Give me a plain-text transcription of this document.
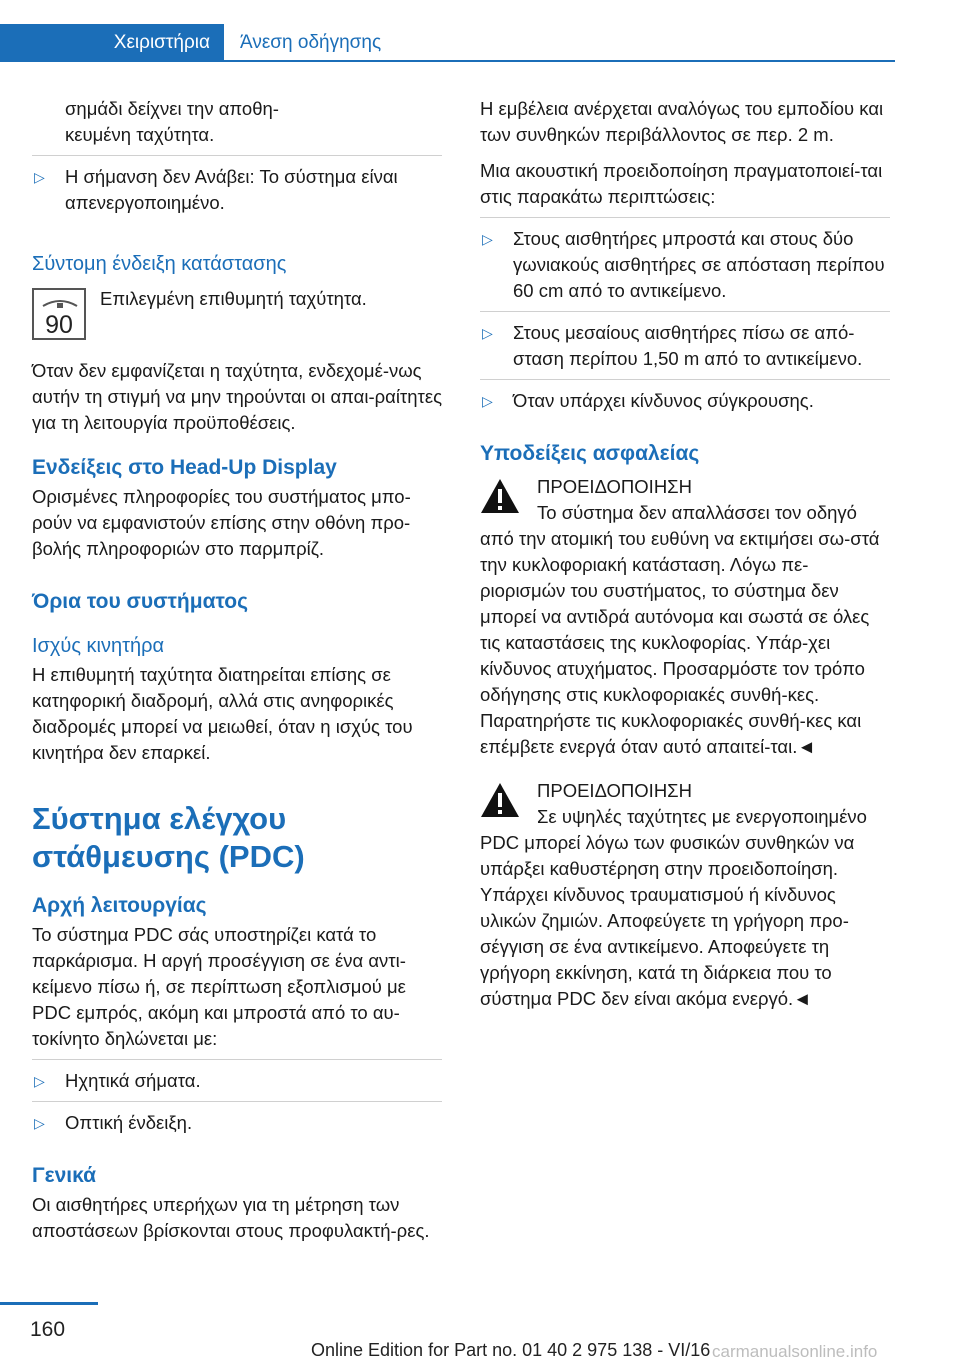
Χειριστήρια	Άνεση οδήγησης

σημάδι δείχνει την αποθη-
κευμένη ταχύτητα.

▷ Η σήμανση δεν Ανάβει: Το σύστημα είναι απενεργοποιημένο.

Σύντομη ένδειξη κατάστασης
90

Επιλεγμένη επιθυμητή ταχύτητα.

Όταν δεν εμφανίζεται η ταχύτητα, ενδεχομέ-νως αυτήν τη στιγμή να μην τηρούνται οι απαι-ραίτητες για τη λειτουργία προϋποθέσεις.

Ενδείξεις στο Head-Up Display

Ορισμένες πληροφορίες του συστήματος μπο-ρούν να εμφανιστούν επίσης στην οθόνη προ-βολής πληροφοριών στο παρμπρίζ.

Όρια του συστήματος
Ισχύς κινητήρα

Η επιθυμητή ταχύτητα διατηρείται επίσης σε κατηφορική διαδρομή, αλλά στις ανηφορικές διαδρομές μπορεί να μειωθεί, όταν η ισχύς του κινητήρα δεν επαρκεί.

Σύστημα ελέγχου στάθμευσης (PDC)
Αρχή λειτουργίας

Το σύστημα PDC σάς υποστηρίζει κατά το παρκάρισμα. Η αργή προσέγγιση σε ένα αντι-κείμενο πίσω ή, σε περίπτωση εξοπλισμού με PDC εμπρός, ακόμη και μπροστά από το αυ-τοκίνητο δηλώνεται με:

▷ Ηχητικά σήματα.

▷ Οπτική ένδειξη.

Γενικά

Οι αισθητήρες υπερήχων για τη μέτρηση των αποστάσεων βρίσκονται στους προφυλακτή-ρες.

Η εμβέλεια ανέρχεται αναλόγως του εμποδίου και των συνθηκών περιβάλλοντος σε περ. 2 m.

Μια ακουστική προειδοποίηση πραγματοποιεί-ται στις παρακάτω περιπτώσεις:

▷ Στους αισθητήρες μπροστά και στους δύο γωνιακούς αισθητήρες σε απόσταση περίπου 60 cm από το αντικείμενο.

▷ Στους μεσαίους αισθητήρες πίσω σε από-σταση περίπου 1,50 m από το αντικείμενο.

▷ Όταν υπάρχει κίνδυνος σύγκρουσης.

Υποδείξεις ασφαλείας
ΠΡΟΕΙΔΟΠΟΙΗΣΗ

Το σύστημα δεν απαλλάσσει τον οδηγό από την ατομική του ευθύνη να εκτιμήσει σω-στά την κυκλοφοριακή κατάσταση. Λόγω πε-ριορισμών του συστήματος, το σύστημα δεν μπορεί να αντιδρά αυτόνομα και σωστά σε όλες τις καταστάσεις της κυκλοφορίας. Υπάρ-χει κίνδυνος ατυχήματος. Προσαρμόστε τον τρόπο οδήγησης στις κυκλοφοριακές συνθή-κες. Παρατηρήστε τις κυκλοφοριακές συνθή-κες και επέμβετε ενεργά όταν αυτό απαιτεί-ται.◄

ΠΡΟΕΙΔΟΠΟΙΗΣΗ

Σε υψηλές ταχύτητες με ενεργοποιημένο PDC μπορεί λόγω των φυσικών συνθηκών να υπάρξει καθυστέρηση στην προειδοποίηση. Υπάρχει κίνδυνος τραυματισμού ή κίνδυνος υλικών ζημιών. Αποφεύγετε τη γρήγορη προ-σέγγιση σε ένα αντικείμενο. Αποφεύγετε τη γρήγορη εκκίνηση, κατά τη διάρκεια που το σύστημα PDC δεν είναι ακόμα ενεργό.◄

160
Online Edition for Part no. 01 40 2 975 138 - VI/16 carmanualsonline.info
